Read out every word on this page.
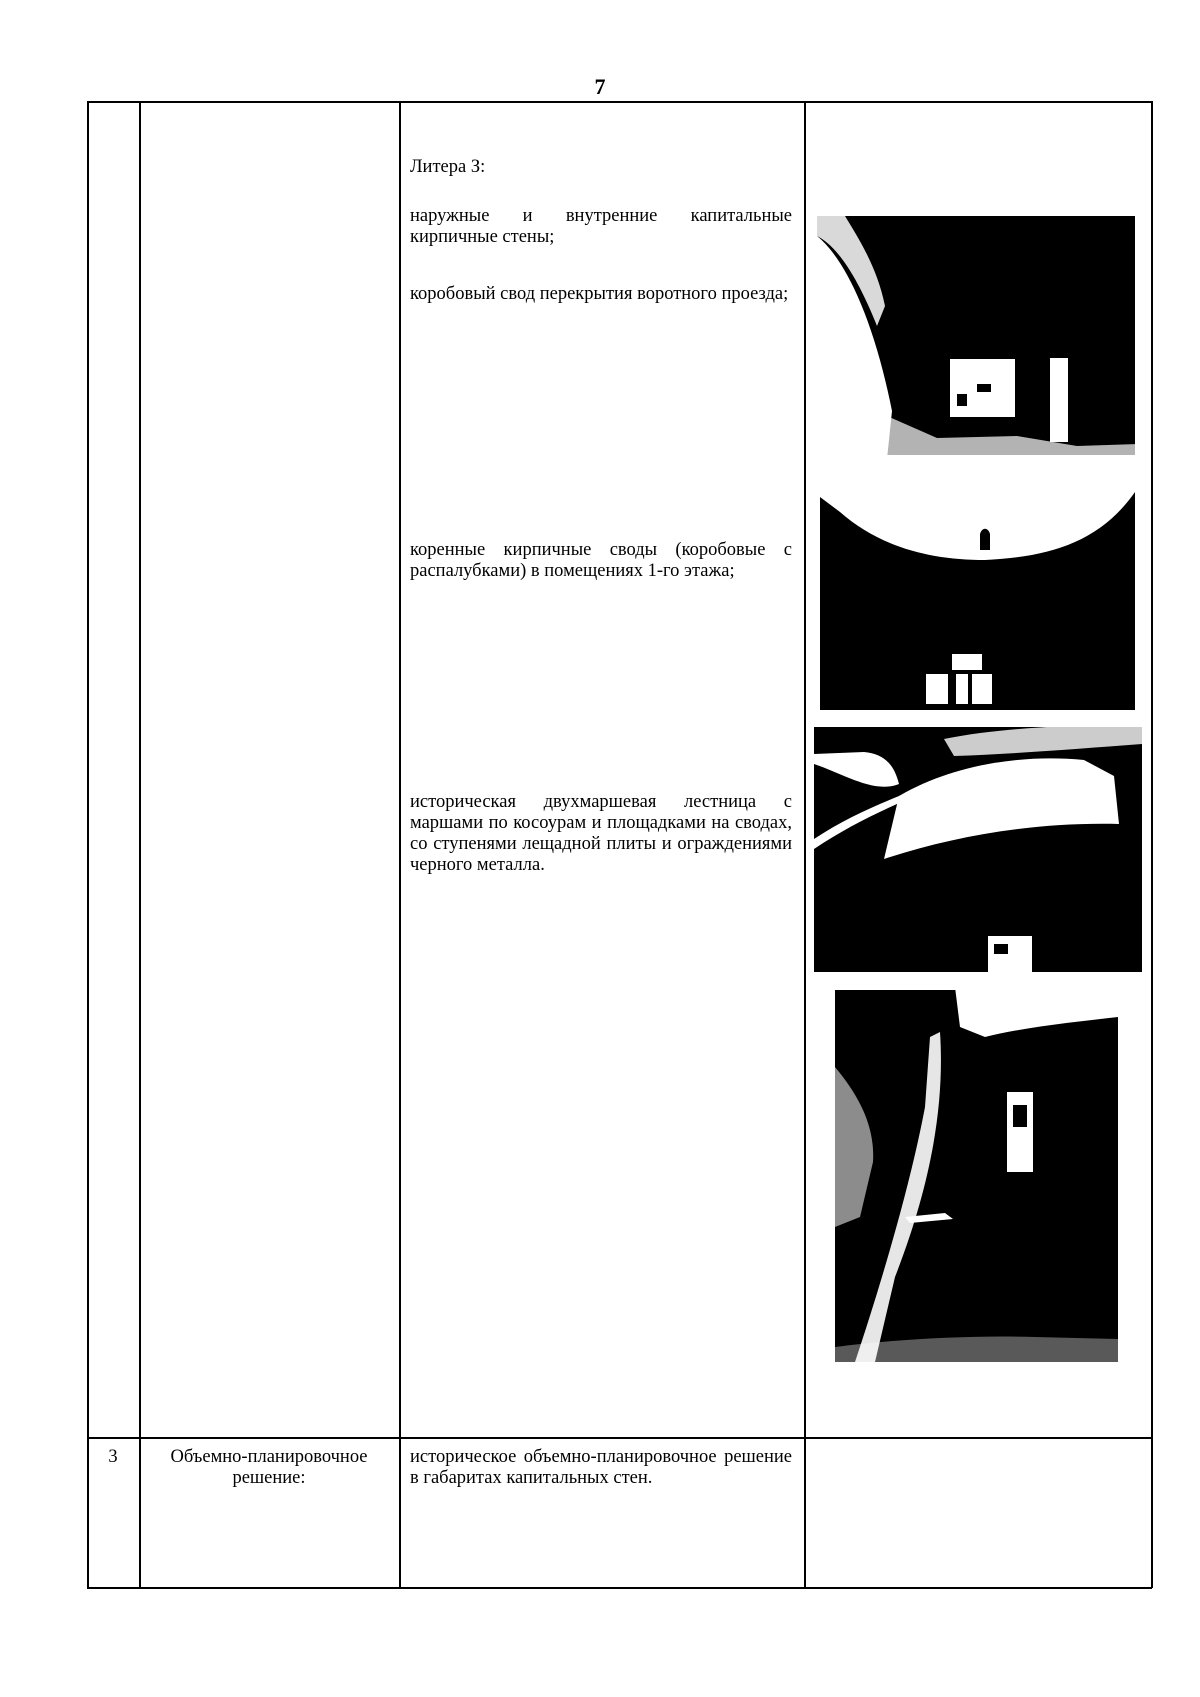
7

Литера З:

наружные и внутренние капитальные кирпичные стены;

коробовый свод перекрытия воротного проезда;

коренные кирпичные своды (коробовые с распалубками) в помещениях 1-го этажа;

историческая двухмаршевая лестница с маршами по косоурам и площадками на сводах, со ступенями лещадной плиты и ограждениями черного металла.

3	Объемно-планировочное решение:
историческое объемно-планировочное решение в габаритах капитальных стен.
